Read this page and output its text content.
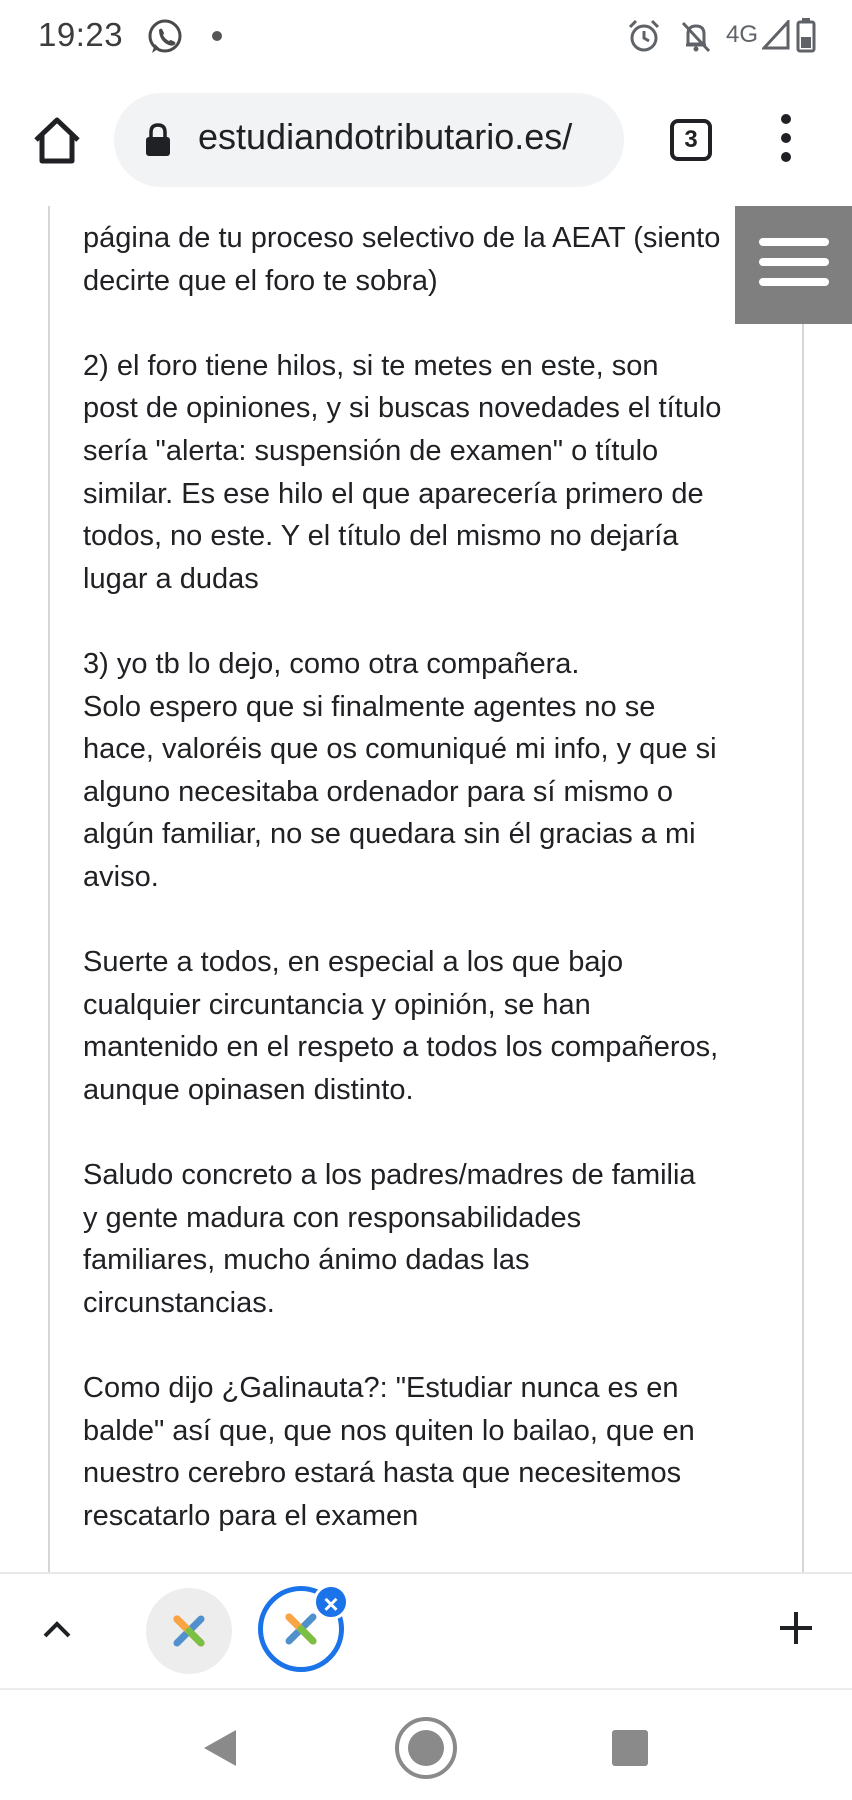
19:23	4G
estudiandotributario.es/	3

página de tu proceso selectivo de la AEAT (siento
decirte que el foro te sobra)

2) el foro tiene hilos, si te metes en este, son
post de opiniones, y si buscas novedades el título
sería "alerta: suspensión de examen" o título
similar. Es ese hilo el que aparecería primero de
todos, no este. Y el título del mismo no dejaría
lugar a dudas

3) yo tb lo dejo, como otra compañera.
Solo espero que si finalmente agentes no se
hace, valoréis que os comuniqué mi info, y que si
alguno necesitaba ordenador para sí mismo o
algún familiar, no se quedara sin él gracias a mi
aviso.

Suerte a todos, en especial a los que bajo
cualquier circuntancia y opinión, se han
mantenido en el respeto a todos los compañeros,
aunque opinasen distinto.

Saludo concreto a los padres/madres de familia
y gente madura con responsabilidades
familiares, mucho ánimo dadas las
circunstancias.

Como dijo ¿Galinauta?: "Estudiar nunca es en
balde" así que, que nos quiten lo bailao, que en
nuestro cerebro estará hasta que necesitemos
rescatarlo para el examen

×
